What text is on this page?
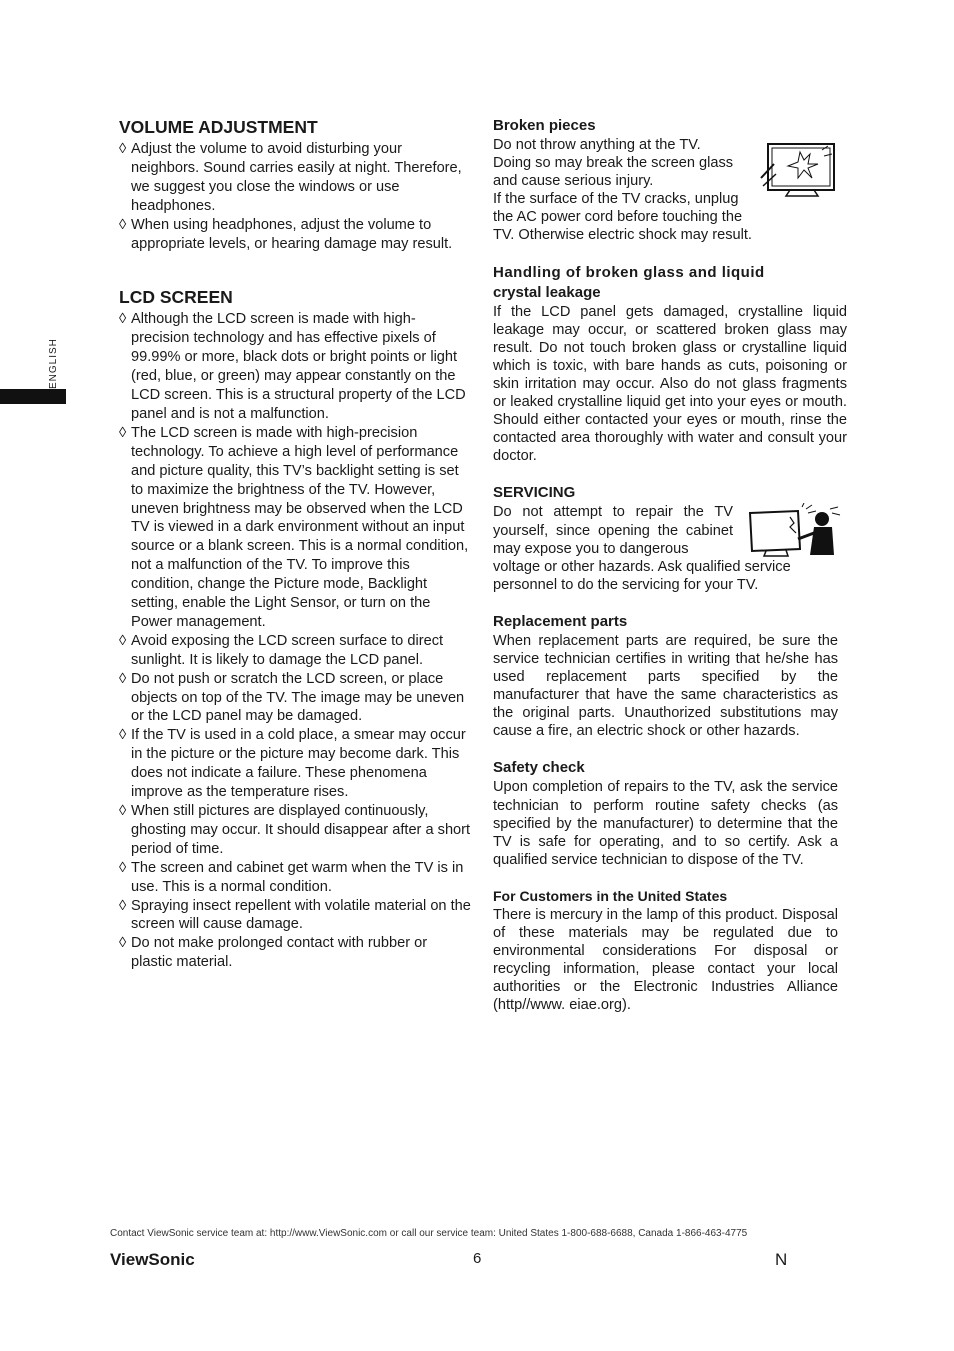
ENGLISH
VOLUME ADJUSTMENT
◊ Adjust the volume to avoid disturbing your neighbors. Sound carries easily at night. Therefore, we suggest you close the windows or use headphones.
◊ When using headphones, adjust the volume to appropriate levels, or hearing damage may result.
LCD SCREEN
◊ Although the LCD screen is made with high-precision technology and has effective pixels of 99.99% or more, black dots or bright points or light (red, blue, or green) may appear constantly on the LCD screen. This is a structural property of the LCD panel and is not a malfunction.
◊ The LCD screen is made with high-precision technology. To achieve a high level of performance and picture quality, this TV’s backlight setting is set to maximize the brightness of the TV. However, uneven brightness may be observed when the LCD TV is viewed in a dark environment without an input source or a blank screen. This is a normal condition, not a malfunction of the TV. To improve this condition, change the Picture mode, Backlight setting, enable the Light Sensor, or turn on the Power management.
◊ Avoid exposing the LCD screen surface to direct sunlight. It is likely to damage the LCD panel.
◊ Do not push or scratch the LCD screen, or place objects on top of the TV. The image may be uneven or the LCD panel may be damaged.
◊ If the TV is used in a cold place, a smear may occur in the picture or the picture may become dark. This does not indicate a failure. These phenomena improve as the temperature rises.
◊ When still pictures are displayed continuously, ghosting may occur. It should disappear after a short period of time.
◊ The screen and cabinet get warm when the TV is in use. This is a normal condition.
◊ Spraying insect repellent with volatile material on the screen will cause damage.
◊ Do not make prolonged contact with rubber or plastic material.
Broken pieces

Do not throw anything at the TV.

Doing so may break the screen glass

and cause serious injury.

If the surface of the TV cracks, unplug

the AC power cord before touching the

TV. Otherwise electric shock may result.

Handling of broken glass and liquid
crystal leakage

If the LCD panel gets damaged, crystalline liquid leakage may occur, or scattered broken glass may result. Do not touch broken glass or crystalline liquid which is toxic, with bare hands as cuts, poisoning or skin irritation may occur. Also do not glass fragments or leaked crystalline liquid get into your eyes or mouth. Should either contacted your eyes or mouth, rinse the contacted area thoroughly with water and consult your doctor.

SERVICING

Do not attempt to repair the TV

yourself, since opening the cabinet

may expose you to dangerous

voltage or other hazards. Ask qualified service

personnel to do the servicing for your TV.

Replacement parts

When replacement parts are required, be sure the service technician certifies in writing that he/she has used replacement parts specified by the manufacturer that have the same characteristics as the original parts. Unauthorized substitutions may cause a fire, an electric shock or other hazards.

Safety check

Upon completion of repairs to the TV, ask the service technician to perform routine safety checks (as specified by the manufacturer) to determine that the TV is safe for operating, and to so certify. Ask a qualified service technician to dispose of the TV.

For Customers in the United States

There is mercury in the lamp of this product. Disposal of these materials may be regulated due to environmental considerations For disposal or recycling information, please contact your local authorities or the Electronic Industries Alliance (http//www. eiae.org).

Contact ViewSonic service team at: http://www.ViewSonic.com or call our service team: United States 1-800-688-6688, Canada 1-866-463-4775
ViewSonic	6	N
